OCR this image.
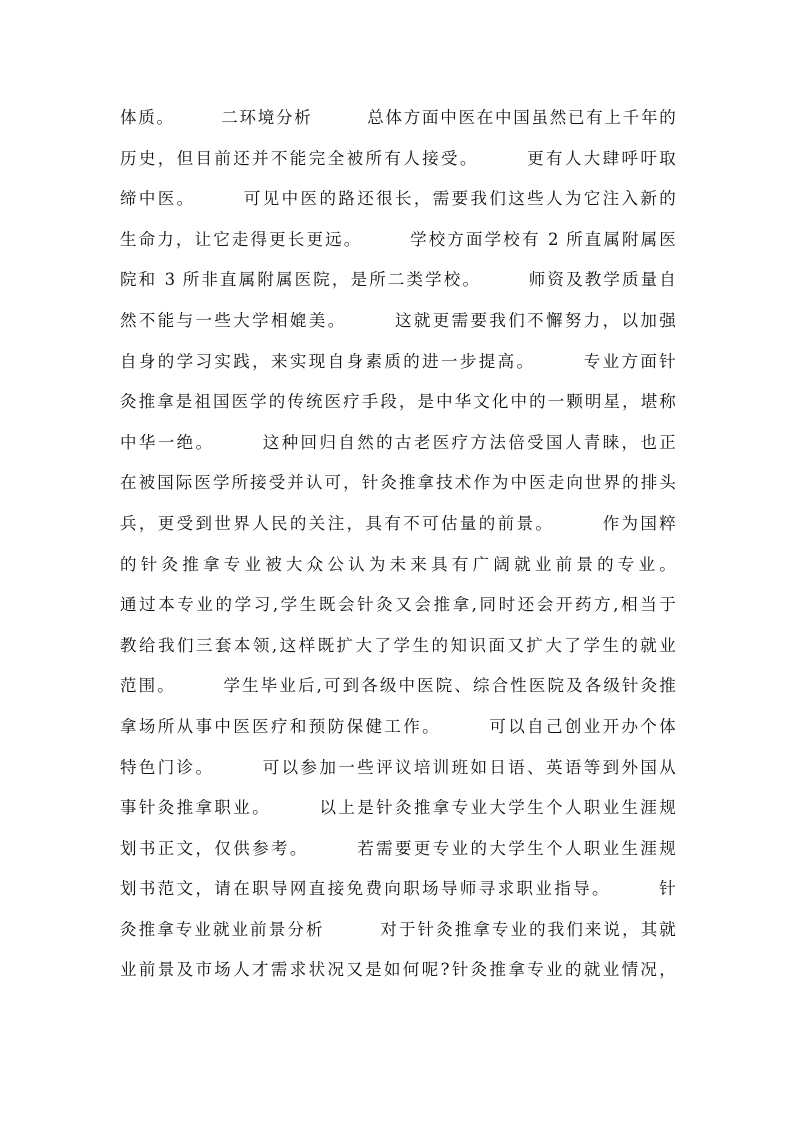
体质。　　　二环境分析　　　总体方面中医在中国虽然已有上千年的
历史，但目前还并不能完全被所有人接受。　　　更有人大肆呼吁取
缔中医。　　　可见中医的路还很长，需要我们这些人为它注入新的
生命力，让它走得更长更远。　　　学校方面学校有 2 所直属附属医
院和 3 所非直属附属医院，是所二类学校。　　　师资及教学质量自
然不能与一些大学相媲美。　　　这就更需要我们不懈努力，以加强
自身的学习实践，来实现自身素质的进一步提高。　　　专业方面针
灸推拿是祖国医学的传统医疗手段，是中华文化中的一颗明星，堪称
中华一绝。　　　这种回归自然的古老医疗方法倍受国人青睐，也正
在被国际医学所接受并认可，针灸推拿技术作为中医走向世界的排头
兵，更受到世界人民的关注，具有不可估量的前景。　　　作为国粹
的针灸推拿专业被大众公认为未来具有广阔就业前景的专业。
通过本专业的学习,学生既会针灸又会推拿,同时还会开药方,相当于
教给我们三套本领,这样既扩大了学生的知识面又扩大了学生的就业
范围。　　　学生毕业后,可到各级中医院、综合性医院及各级针灸推
拿场所从事中医医疗和预防保健工作。　　　可以自己创业开办个体
特色门诊。　　　可以参加一些评议培训班如日语、英语等到外国从
事针灸推拿职业。　　　以上是针灸推拿专业大学生个人职业生涯规
划书正文，仅供参考。　　　若需要更专业的大学生个人职业生涯规
划书范文，请在职导网直接免费向职场导师寻求职业指导。　　　针
灸推拿专业就业前景分析　　　对于针灸推拿专业的我们来说，其就
业前景及市场人才需求状况又是如何呢?针灸推拿专业的就业情况，
